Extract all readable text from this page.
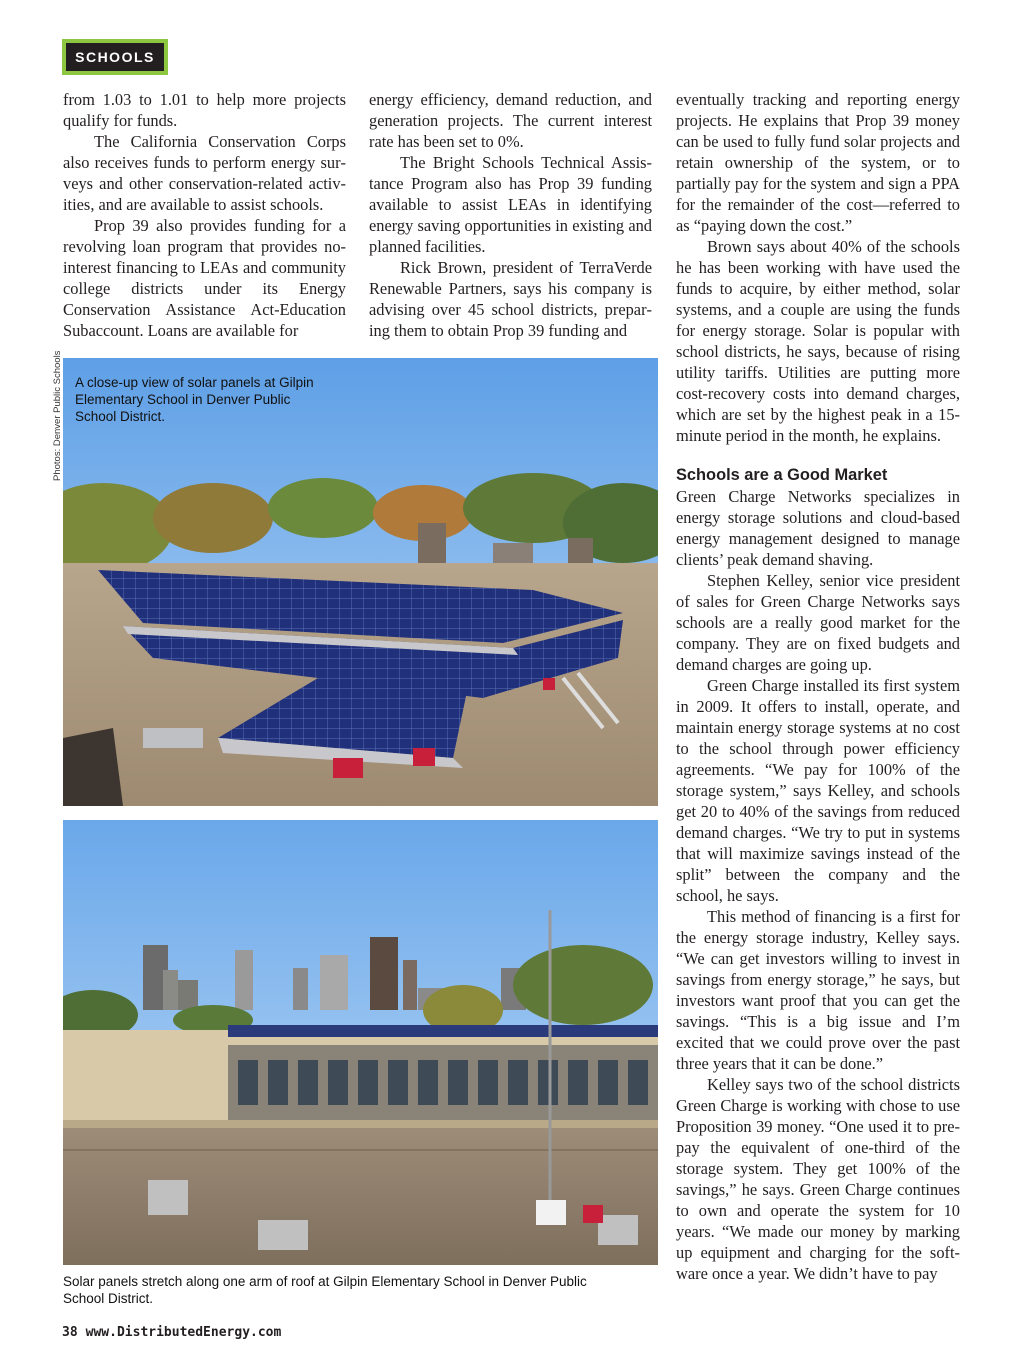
SCHOOLS

from 1.03 to 1.01 to help more projects qualify for funds.

The California Conservation Corps also receives funds to perform energy surveys and other conservation-related activities, and are available to assist schools.

Prop 39 also provides funding for a revolving loan program that provides no-interest financing to LEAs and community college districts under its Energy Conservation Assistance Act-Education Subaccount. Loans are available for

energy efficiency, demand reduction, and generation projects. The current interest rate has been set to 0%.

The Bright Schools Technical Assistance Program also has Prop 39 funding available to assist LEAs in identifying energy saving opportunities in existing and planned facilities.

Rick Brown, president of TerraVerde Renewable Partners, says his company is advising over 45 school districts, preparing them to obtain Prop 39 funding and

eventually tracking and reporting energy projects. He explains that Prop 39 money can be used to fully fund solar projects and retain ownership of the system, or to partially pay for the system and sign a PPA for the remainder of the cost—referred to as “paying down the cost.”

Brown says about 40% of the schools he has been working with have used the funds to acquire, by either method, solar systems, and a couple are using the funds for energy storage. Solar is popular with school districts, he says, because of rising utility tariffs. Utilities are putting more cost-recovery costs into demand charges, which are set by the highest peak in a 15-minute period in the month, he explains.

Schools are a Good Market

Green Charge Networks specializes in energy storage solutions and cloud-based energy management designed to manage clients’ peak demand shaving.

Stephen Kelley, senior vice president of sales for Green Charge Networks says schools are a really good market for the company. They are on fixed budgets and demand charges are going up.

Green Charge installed its first system in 2009. It offers to install, operate, and maintain energy storage systems at no cost to the school through power efficiency agreements. “We pay for 100% of the storage system,” says Kelley, and schools get 20 to 40% of the savings from reduced demand charges. “We try to put in systems that will maximize savings instead of the split” between the company and the school, he says.

This method of financing is a first for the energy storage industry, Kelley says. “We can get investors willing to invest in savings from energy storage,” he says, but investors want proof that you can get the savings. “This is a big issue and I’m excited that we could prove over the past three years that it can be done.”

Kelley says two of the school districts Green Charge is working with chose to use Proposition 39 money. “One used it to pre-pay the equivalent of one-third of the storage system. They get 100% of the savings,” he says. Green Charge continues to own and operate the system for 10 years. “We made our money by marking up equipment and charging for the software once a year. We didn’t have to pay

Photos: Denver Public Schools A close-up view of solar panels at Gilpin Elementary School in Denver Public School District.
Solar panels stretch along one arm of roof at Gilpin Elementary School in Denver Public School District.
38 www.DistributedEnergy.com
